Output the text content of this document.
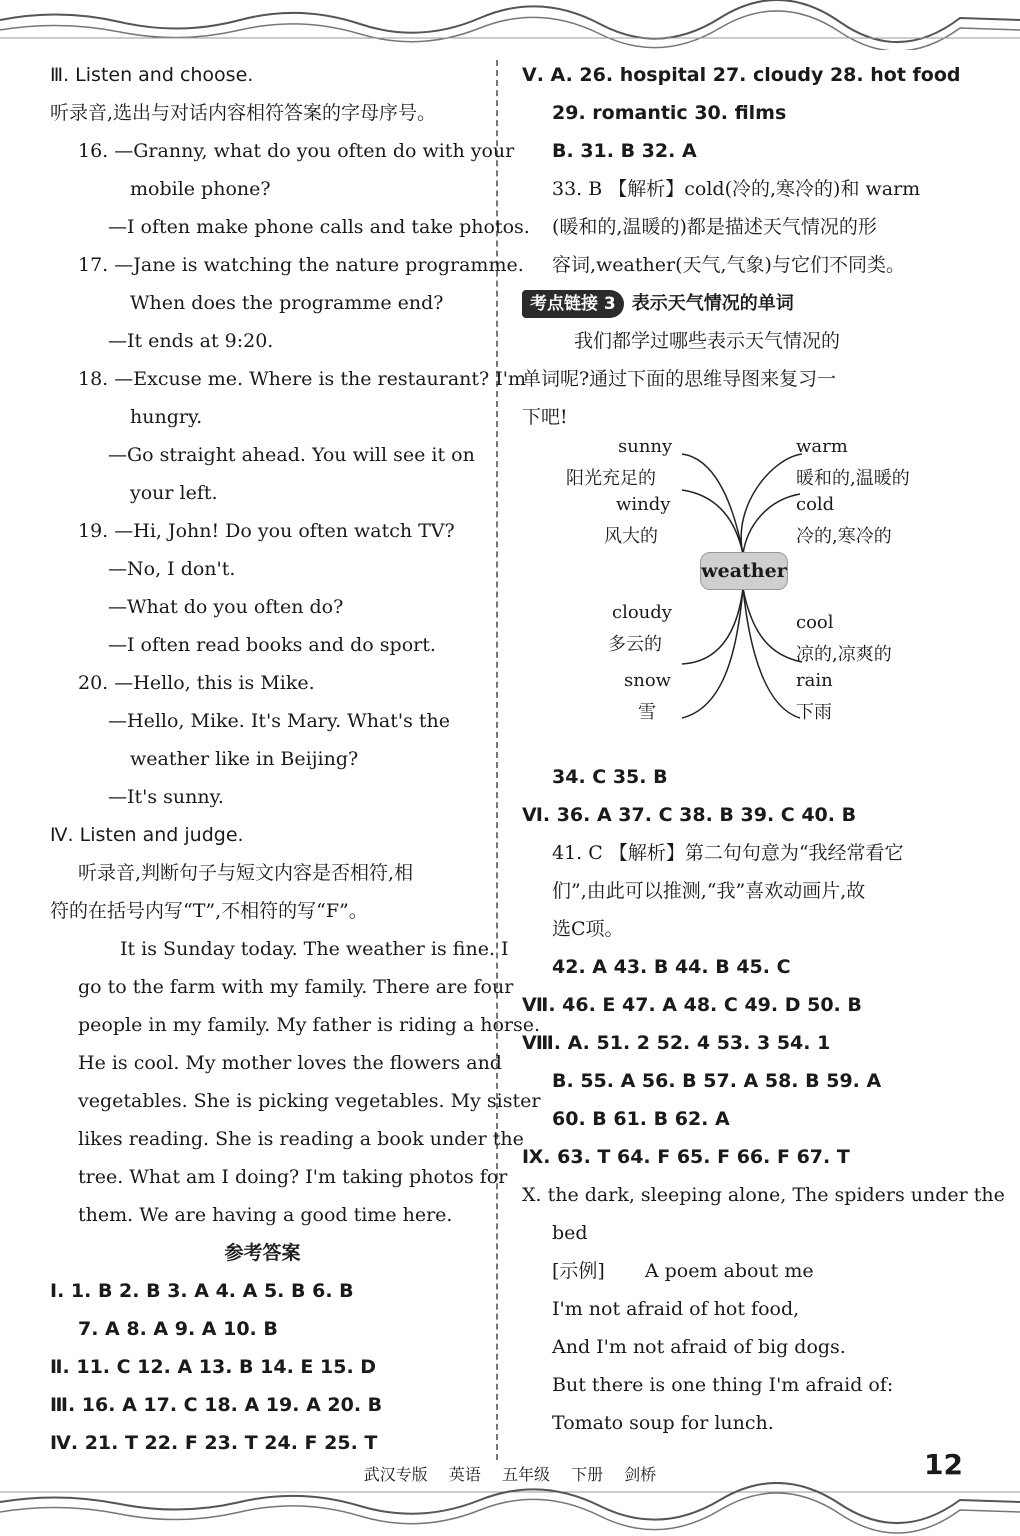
Ⅲ. Listen and choose.
听录音,选出与对话内容相符答案的字母序号。
16. —Granny, what do you often do with your
mobile phone?
—I often make phone calls and take photos.
17. —Jane is watching the nature programme.
When does the programme end?
—It ends at 9:20.
18. —Excuse me. Where is the restaurant? I'm
hungry.
—Go straight ahead. You will see it on
your left.
19. —Hi, John! Do you often watch TV?
—No, I don't.
—What do you often do?
—I often read books and do sport.
20. —Hello, this is Mike.
—Hello, Mike. It's Mary. What's the
weather like in Beijing?
—It's sunny.
Ⅳ. Listen and judge.
听录音,判断句子与短文内容是否相符,相
符的在括号内写“T”,不相符的写“F”。
It is Sunday today. The weather is fine. I
go to the farm with my family. There are four
people in my family. My father is riding a horse.
He is cool. My mother loves the flowers and
vegetables. She is picking vegetables. My sister
likes reading. She is reading a book under the
tree. What am I doing? I'm taking photos for
them. We are having a good time here.
参考答案
Ⅰ. 1. B 2. B 3. A 4. A 5. B 6. B
7. A 8. A 9. A 10. B
Ⅱ. 11. C 12. A 13. B 14. E 15. D
Ⅲ. 16. A 17. C 18. A 19. A 20. B
Ⅳ. 21. T 22. F 23. T 24. F 25. T
Ⅴ. A. 26. hospital 27. cloudy 28. hot food
29. romantic 30. films
B. 31. B 32. A
33. B 【解析】cold(冷的,寒冷的)和 warm
(暖和的,温暖的)都是描述天气情况的形
容词,weather(天气,气象)与它们不同类。
考点链接 3 表示天气情况的单词
我们都学过哪些表示天气情况的
单词呢?通过下面的思维导图来复习一
下吧!
sunny
阳光充足的
windy
风大的
warm
暖和的,温暖的
cold
冷的,寒冷的
weather
cloudy
多云的
snow
雪
cool
凉的,凉爽的
rain
下雨
34. C 35. B
Ⅵ. 36. A 37. C 38. B 39. C 40. B
41. C 【解析】第二句句意为“我经常看它
们”,由此可以推测,“我”喜欢动画片,故
选C项。
42. A 43. B 44. B 45. C
Ⅶ. 46. E 47. A 48. C 49. D 50. B
Ⅷ. A. 51. 2 52. 4 53. 3 54. 1
B. 55. A 56. B 57. A 58. B 59. A
60. B 61. B 62. A
Ⅸ. 63. T 64. F 65. F 66. F 67. T
Ⅹ. the dark, sleeping alone, The spiders under the
bed
[示例] A poem about me
I'm not afraid of hot food,
And I'm not afraid of big dogs.
But there is one thing I'm afraid of:
Tomato soup for lunch.
武汉专版 英语 五年级 下册 剑桥	12
